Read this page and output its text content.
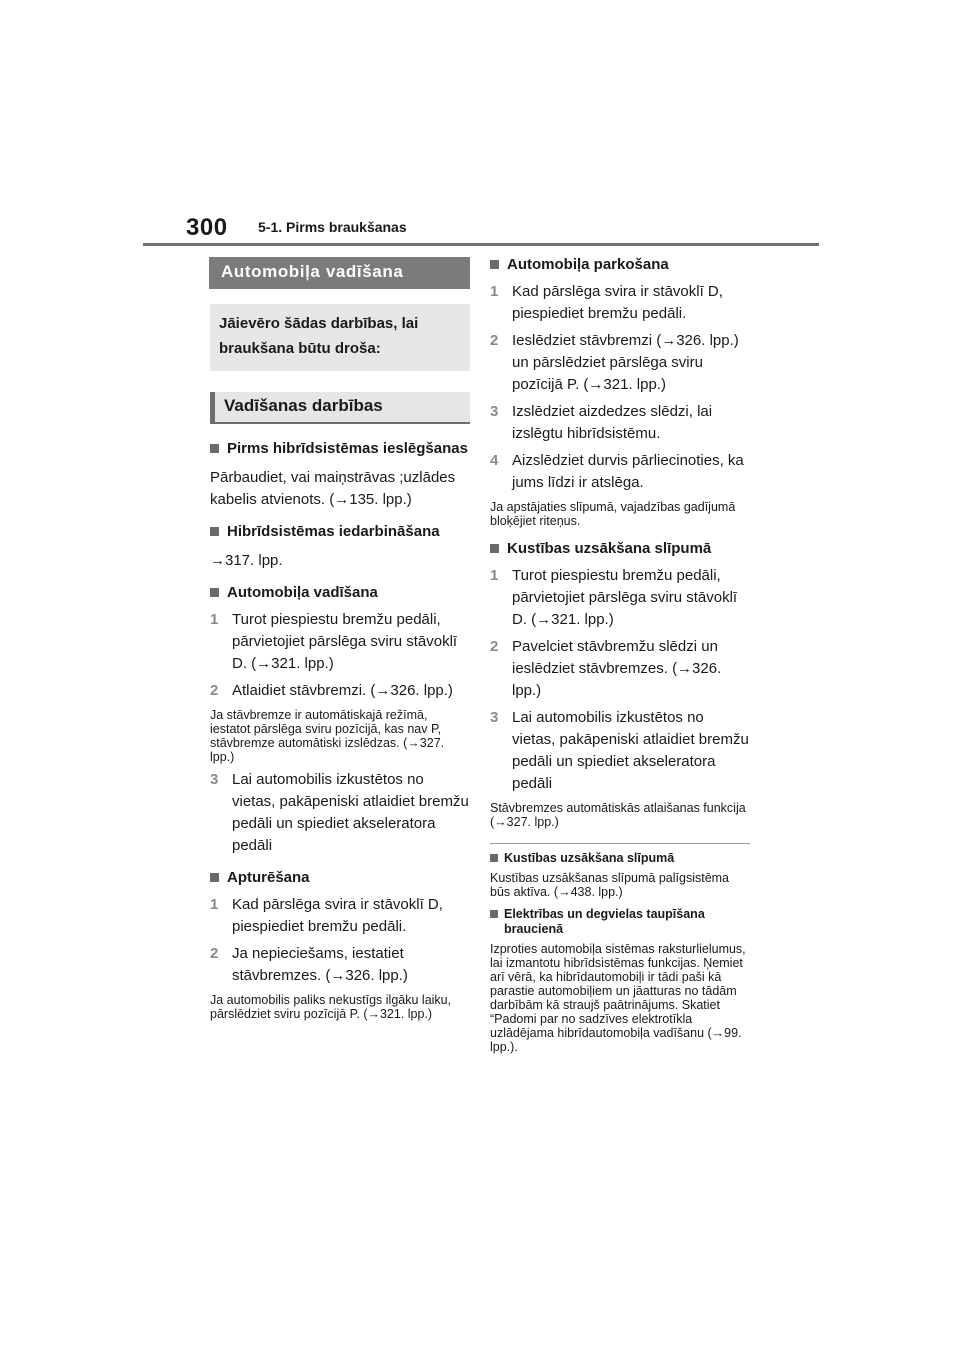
300 5-1. Pirms braukšanas
Automobiļa vadīšana
Jāievēro šādas darbības, lai braukšana būtu droša:
Vadīšanas darbības
Pirms hibrīdsistēmas ieslēgšanas
Pārbaudiet, vai maiņstrāvas ;uzlādes kabelis atvienots. (→135. lpp.)
Hibrīdsistēmas iedarbināšana
→317. lpp.
Automobiļa vadīšana
1 Turot piespiestu bremžu pedāli, pārvietojiet pārslēga sviru stāvoklī D. (→321. lpp.)
2 Atlaidiet stāvbremzi. (→326. lpp.)
Ja stāvbremze ir automātiskajā režīmā, iestatot pārslēga sviru pozīcijā, kas nav P, stāvbremze automātiski izslēdzas. (→327. lpp.)
3 Lai automobilis izkustētos no vietas, pakāpeniski atlaidiet bremžu pedāli un spiediet akseleratora pedāli
Apturēšana
1 Kad pārslēga svira ir stāvoklī D, piespiediet bremžu pedāli.
2 Ja nepieciešams, iestatiet stāvbremzes. (→326. lpp.)
Ja automobilis paliks nekustīgs ilgāku laiku, pārslēdziet sviru pozīcijā P. (→321. lpp.)
Automobiļa parkošana
1 Kad pārslēga svira ir stāvoklī D, piespiediet bremžu pedāli.
2 Ieslēdziet stāvbremzi (→326. lpp.) un pārslēdziet pārslēga sviru pozīcijā P. (→321. lpp.)
3 Izslēdziet aizdedzes slēdzi, lai izslēgtu hibrīdsistēmu.
4 Aizslēdziet durvis pārliecinoties, ka jums līdzi ir atslēga.
Ja apstājaties slīpumā, vajadzības gadījumā bloķējiet riteņus.
Kustības uzsākšana slīpumā
1 Turot piespiestu bremžu pedāli, pārvietojiet pārslēga sviru stāvoklī D. (→321. lpp.)
2 Pavelciet stāvbremžu slēdzi un ieslēdziet stāvbremzes. (→326. lpp.)
3 Lai automobilis izkustētos no vietas, pakāpeniski atlaidiet bremžu pedāli un spiediet akseleratora pedāli
Stāvbremzes automātiskās atlaišanas funkcija (→327. lpp.)
Kustības uzsākšana slīpumā
Kustības uzsākšanas slīpumā palīgsistēma būs aktīva. (→438. lpp.)
Elektrības un degvielas taupīšana braucienā
Izproties automobiļa sistēmas raksturlielumus, lai izmantotu hibrīdsistēmas funkcijas. Ņemiet arī vērā, ka hibrīdautomobiļi ir tādi paši kā parastie automobiļiem un jāatturas no tādām darbībām kā straujš paātrinājums. Skatiet “Padomi par no sadzīves elektrotīkla uzlādējama hibrīdautomobiļa vadīšanu (→99. lpp.).
